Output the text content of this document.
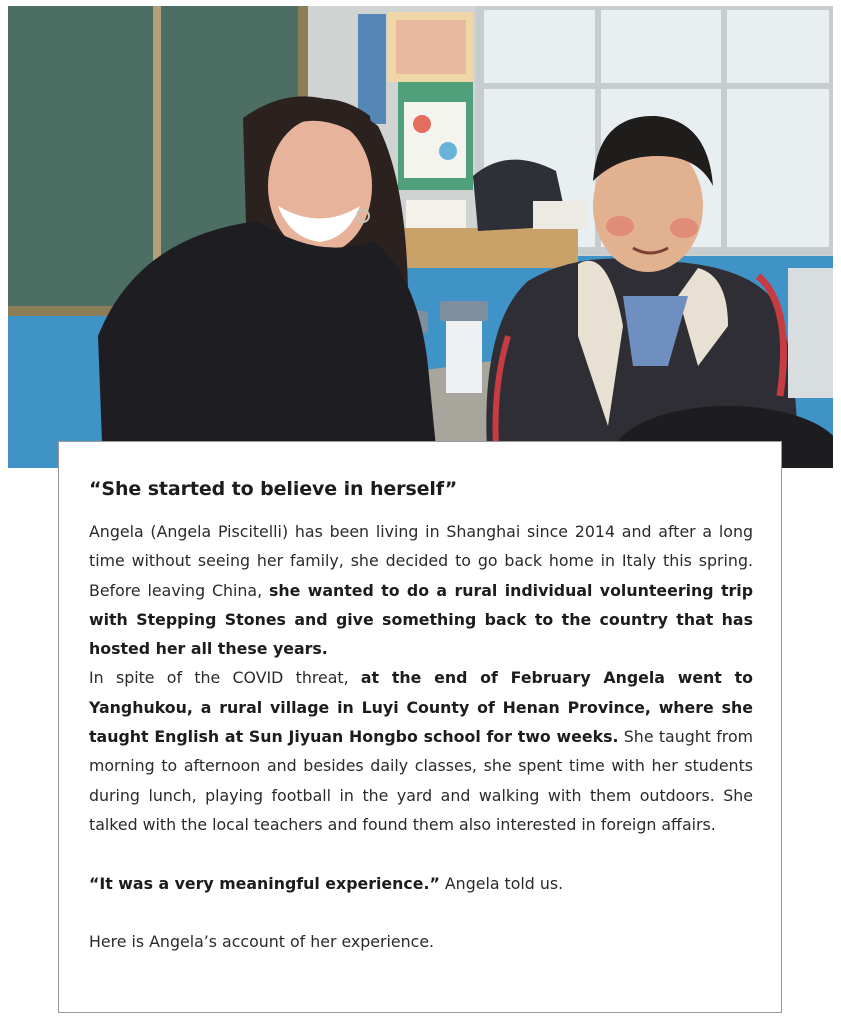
“She started to believe in herself”

Angela (Angela Piscitelli) has been living in Shanghai since 2014 and after a long time without seeing her family, she decided to go back home in Italy this spring. Before leaving China, she wanted to do a rural individual volunteering trip with Stepping Stones and give something back to the country that has hosted her all these years.

In spite of the COVID threat, at the end of February Angela went to Yanghukou, a rural village in Luyi County of Henan Province, where she taught English at Sun Jiyuan Hongbo school for two weeks. She taught from morning to afternoon and besides daily classes, she spent time with her students during lunch, playing football in the yard and walking with them outdoors. She talked with the local teachers and found them also interested in foreign affairs.

“It was a very meaningful experience.” Angela told us.

Here is Angela’s account of her experience.
